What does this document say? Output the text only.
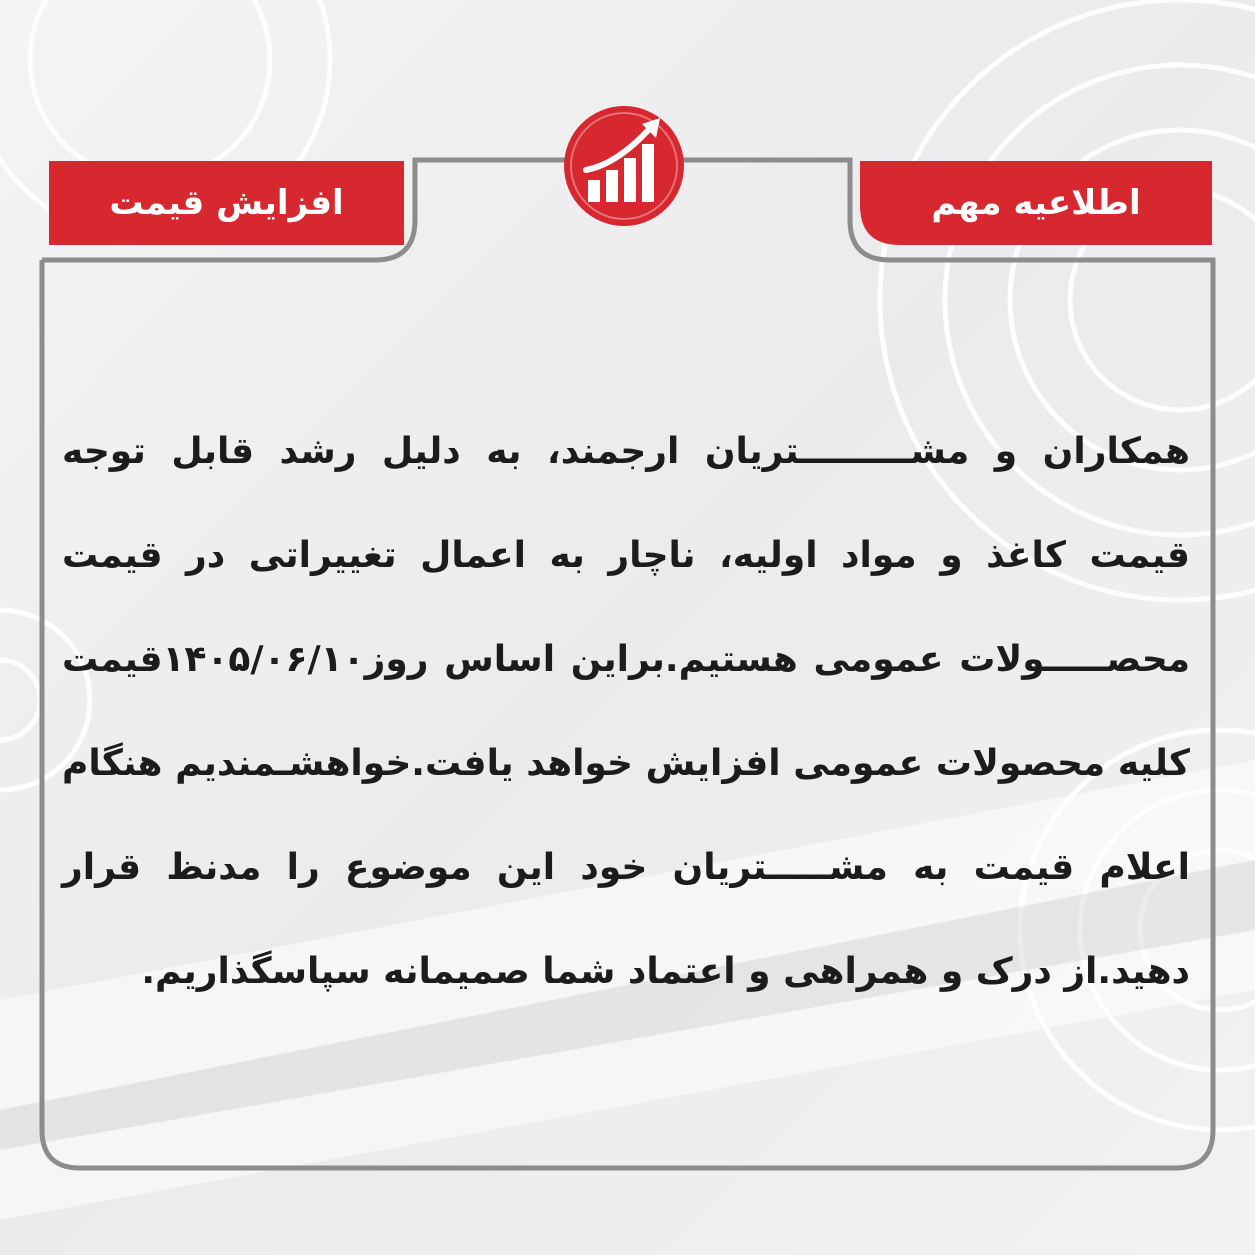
افزایش قیمت	اطلاعیه مهم

همکاران و مشـــــــــتریان ارجمند، به دلیل رشد قابل توجه قیمت کاغذ و مواد اولیه، ناچار به اعمال تغییراتی در قیمت محصـــــولات عمومی هستیم.براین اساس روز۱۴۰۵/۰۶/۱۰قیمت کلیه محصولات عمومی افزایش خواهد یافت.خواهشـمندیم هنگام اعلام قیمت به مشـــــتریان خود این موضوع را مدنظ قرار دهید.از درک و همراهی و اعتماد شما صمیمانه سپاسگذاریم.
